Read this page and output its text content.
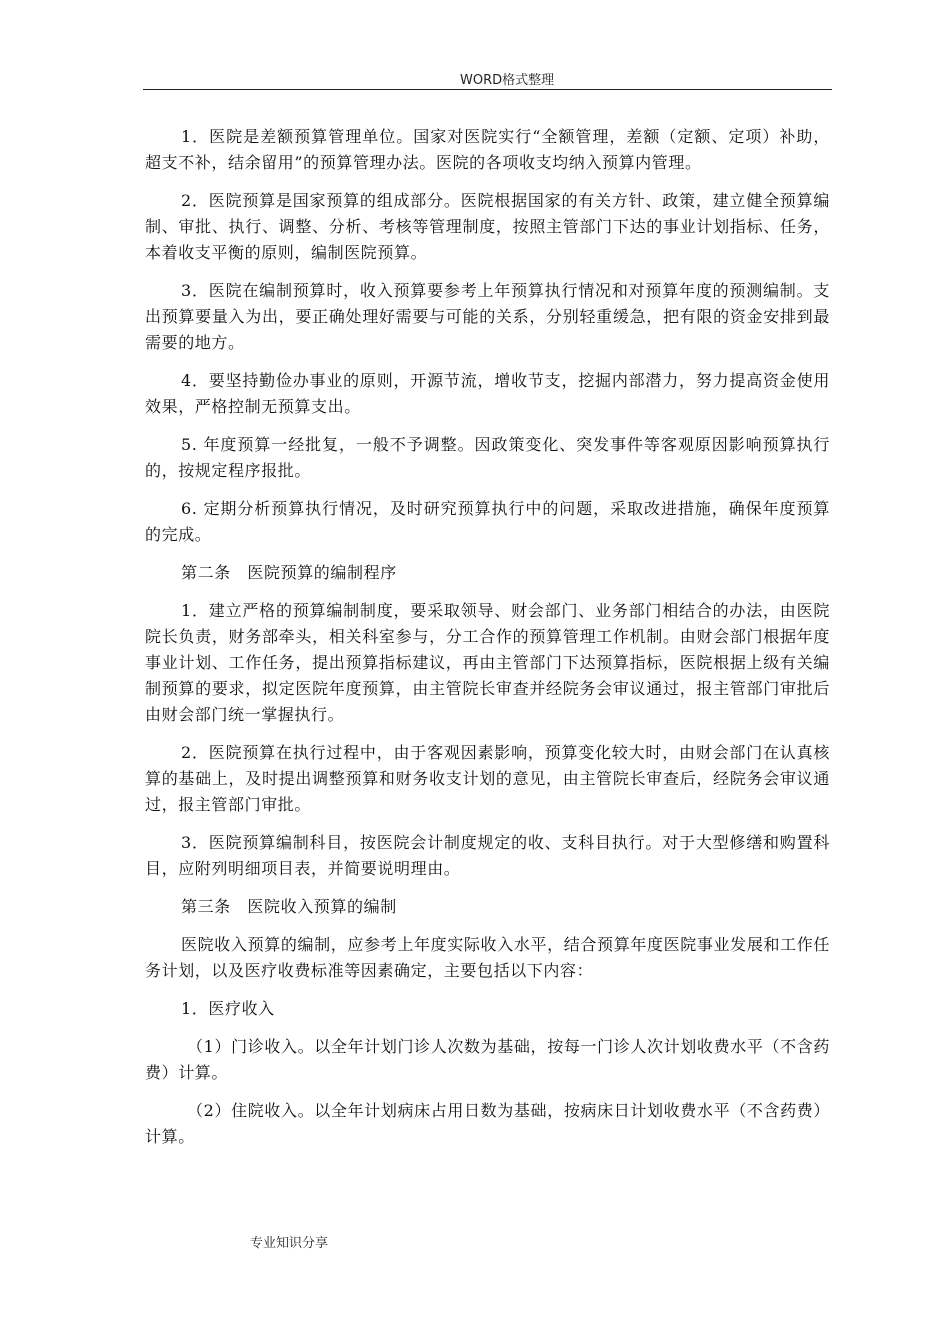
WORD格式整理

1．医院是差额预算管理单位。国家对医院实行“全额管理，差额（定额、定项）补助，超支不补，结余留用”的预算管理办法。医院的各项收支均纳入预算内管理。

2．医院预算是国家预算的组成部分。医院根据国家的有关方针、政策，建立健全预算编制、审批、执行、调整、分析、考核等管理制度，按照主管部门下达的事业计划指标、任务，本着收支平衡的原则，编制医院预算。

3．医院在编制预算时，收入预算要参考上年预算执行情况和对预算年度的预测编制。支出预算要量入为出，要正确处理好需要与可能的关系，分别轻重缓急，把有限的资金安排到最需要的地方。

4．要坚持勤俭办事业的原则，开源节流，增收节支，挖掘内部潜力，努力提高资金使用效果，严格控制无预算支出。

5. 年度预算一经批复，一般不予调整。因政策变化、突发事件等客观原因影响预算执行的，按规定程序报批。

6. 定期分析预算执行情况，及时研究预算执行中的问题，采取改进措施，确保年度预算的完成。

第二条　医院预算的编制程序

1．建立严格的预算编制制度，要采取领导、财会部门、业务部门相结合的办法，由医院院长负责，财务部牵头，相关科室参与，分工合作的预算管理工作机制。由财会部门根据年度事业计划、工作任务，提出预算指标建议，再由主管部门下达预算指标，医院根据上级有关编制预算的要求，拟定医院年度预算，由主管院长审查并经院务会审议通过，报主管部门审批后由财会部门统一掌握执行。

2．医院预算在执行过程中，由于客观因素影响，预算变化较大时，由财会部门在认真核算的基础上，及时提出调整预算和财务收支计划的意见，由主管院长审查后，经院务会审议通过，报主管部门审批。

3．医院预算编制科目，按医院会计制度规定的收、支科目执行。对于大型修缮和购置科目，应附列明细项目表，并简要说明理由。

第三条　医院收入预算的编制

医院收入预算的编制，应参考上年度实际收入水平，结合预算年度医院事业发展和工作任务计划，以及医疗收费标准等因素确定，主要包括以下内容：

1．医疗收入

（1）门诊收入。以全年计划门诊人次数为基础，按每一门诊人次计划收费水平（不含药费）计算。

（2）住院收入。以全年计划病床占用日数为基础，按病床日计划收费水平（不含药费）计算。

专业知识分享
